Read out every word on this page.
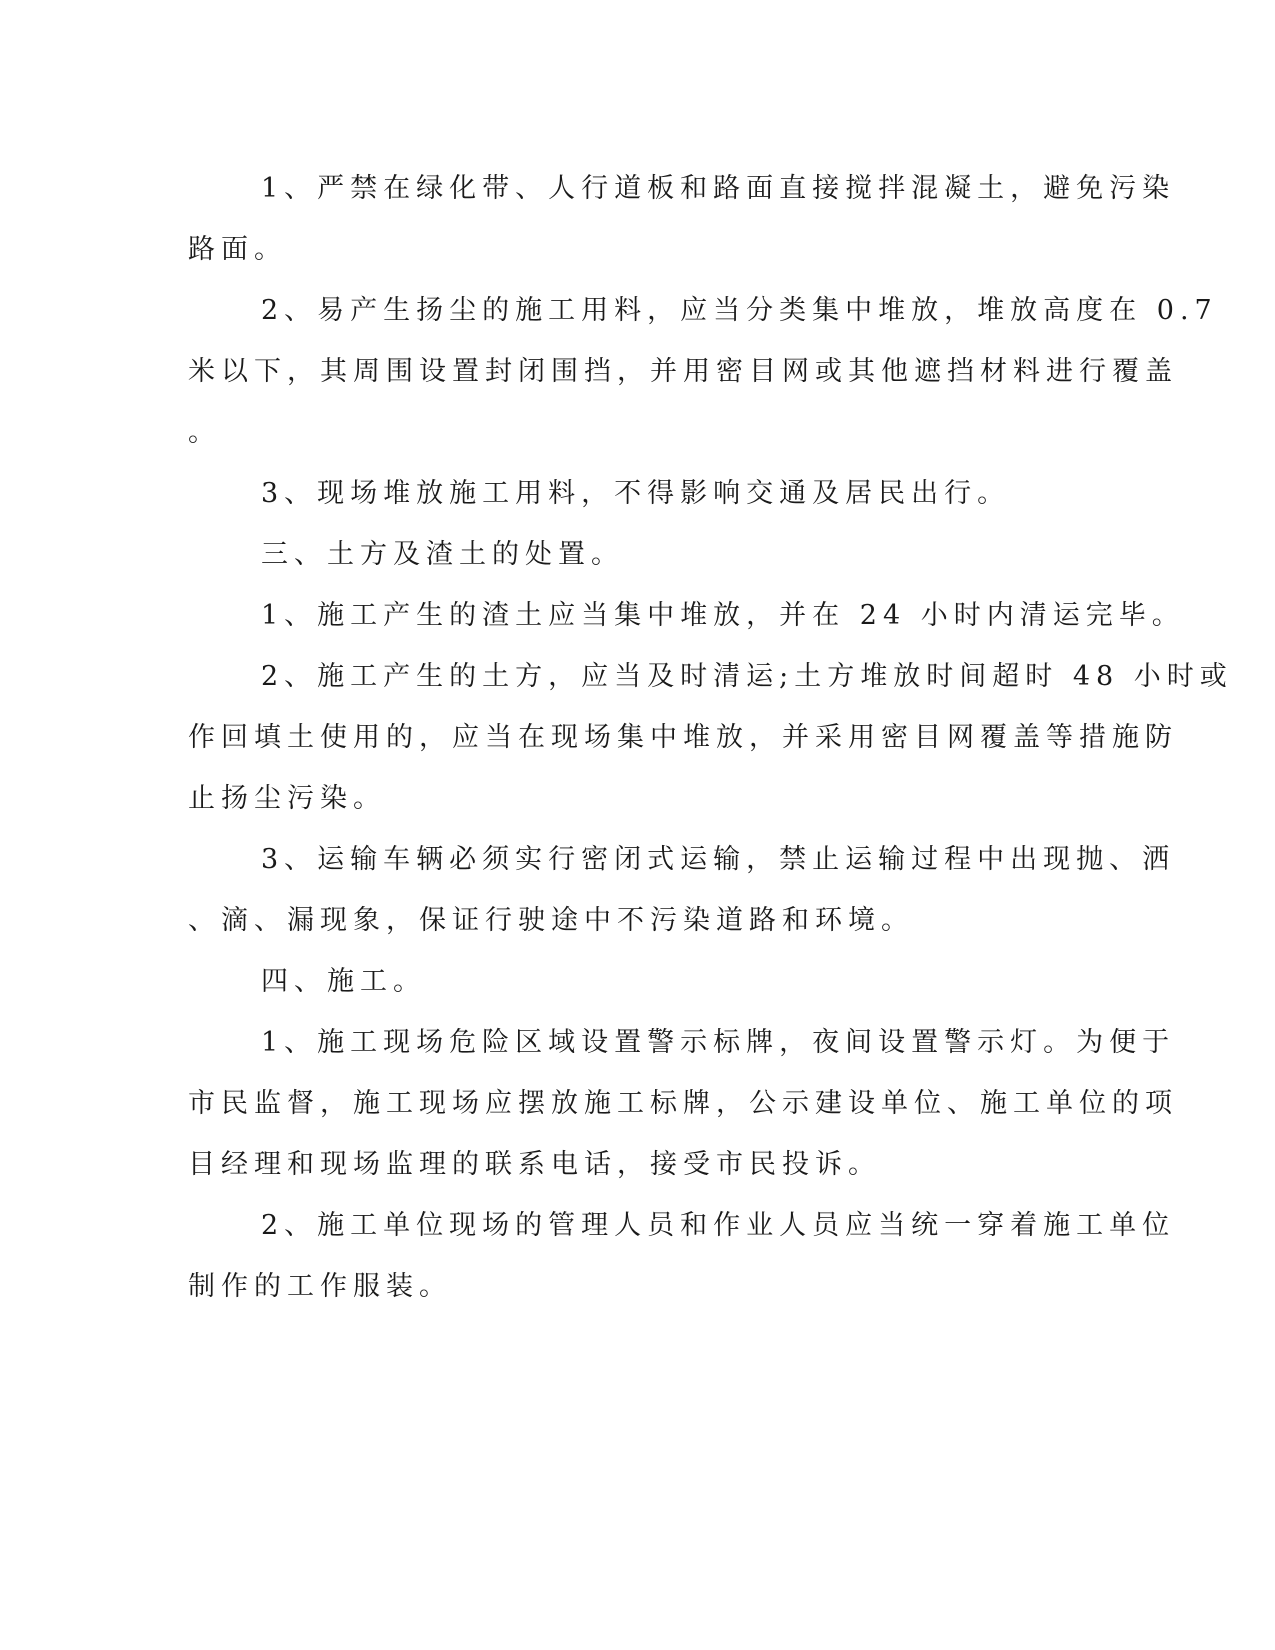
1、严禁在绿化带、人行道板和路面直接搅拌混凝土，避免污染
路面。
2、易产生扬尘的施工用料，应当分类集中堆放，堆放高度在 0.7
米以下，其周围设置封闭围挡，并用密目网或其他遮挡材料进行覆盖
。
3、现场堆放施工用料，不得影响交通及居民出行。
三、土方及渣土的处置。
1、施工产生的渣土应当集中堆放，并在 24 小时内清运完毕。
2、施工产生的土方，应当及时清运;土方堆放时间超时 48 小时或
作回填土使用的，应当在现场集中堆放，并采用密目网覆盖等措施防
止扬尘污染。
3、运输车辆必须实行密闭式运输，禁止运输过程中出现抛、洒
、滴、漏现象，保证行驶途中不污染道路和环境。
四、施工。
1、施工现场危险区域设置警示标牌，夜间设置警示灯。为便于
市民监督，施工现场应摆放施工标牌，公示建设单位、施工单位的项
目经理和现场监理的联系电话，接受市民投诉。
2、施工单位现场的管理人员和作业人员应当统一穿着施工单位
制作的工作服装。
